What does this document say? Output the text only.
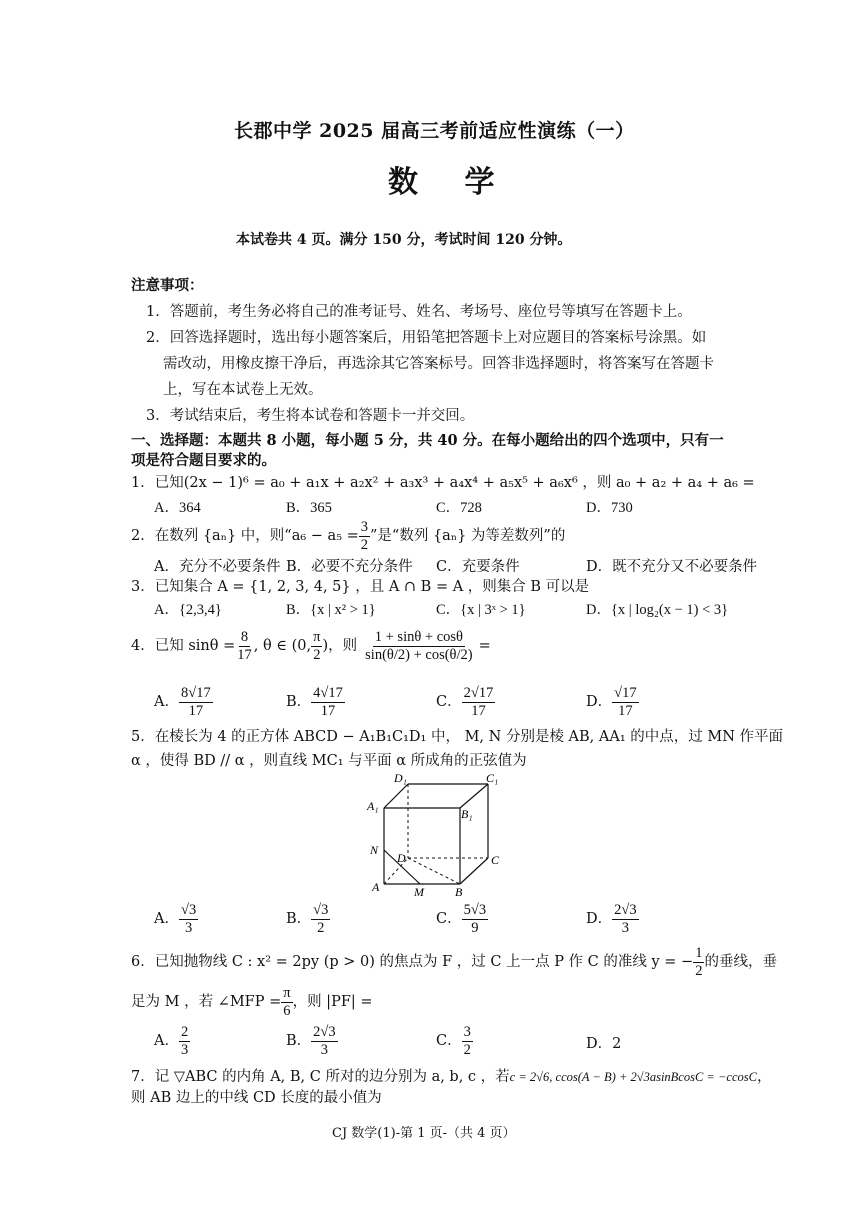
长郡中学 2025 届高三考前适应性演练（一）
数 学
本试卷共 4 页。满分 150 分，考试时间 120 分钟。
注意事项：
1．答题前，考生务必将自己的准考证号、姓名、考场号、座位号等填写在答题卡上。
2．回答选择题时，选出每小题答案后，用铅笔把答题卡上对应题目的答案标号涂黑。如
需改动，用橡皮擦干净后，再选涂其它答案标号。回答非选择题时，将答案写在答题卡
上，写在本试卷上无效。
3．考试结束后，考生将本试卷和答题卡一并交回。
一、选择题：本题共 8 小题，每小题 5 分，共 40 分。在每小题给出的四个选项中，只有一
项是符合题目要求的。
1．已知(2x − 1)⁶ = a₀ + a₁x + a₂x² + a₃x³ + a₄x⁴ + a₅x⁵ + a₆x⁶ ，则 a₀ + a₂ + a₄ + a₆ =
A．364	B．365	C．728	D．730
2．在数列 {aₙ} 中，则“$a_6 - a_5 = \frac{3}{2}$ ”是“数列 {aₙ} 为等差数列”的
A．充分不必要条件 B．必要不充分条件 C．充要条件	D．既不充分又不必要条件
3．已知集合 A = {1, 2, 3, 4, 5} ，且 A ∩ B = A ，则集合 B 可以是
A．{2,3,4}	B．{x | x² > 1}	C．{x | 3ˣ > 1}	D．{x | log₂(x − 1) < 3}
4．已知 $\sin\theta = \frac{8}{17}$ , θ ∈ (0, $\frac{\pi}{2}$ )，则 $\frac{1 + \sin\theta + \cos\theta}{\sin(\theta/2) + \cos(\theta/2)}$ =
A． $\frac{8√17}{17}$	B． $\frac{4√17}{17}$	C． $\frac{2√17}{17}$	D． $\frac{√17}{17}$
5．在棱长为 4 的正方体 ABCD − A₁B₁C₁D₁ 中， M, N 分别是棱 AB, AA₁ 的中点，过 MN 作平面
α ，使得 BD // α ，则直线 MC₁ 与平面 α 所成角的正弦值为
D₁	C₁
A₁
B₁
N
D	C
A	M	B
A． $\frac{√3}{3}$	B． $\frac{√3}{2}$	C． $\frac{5√3}{9}$	D． $\frac{2√3}{3}$
6．已知抛物线 C : x² = 2py (p > 0) 的焦点为 F ，过 C 上一点 P 作 C 的准线 y = − $\frac{1}{2}$ 的垂线，垂
足为 M ，若 ∠MFP = $\frac{\pi}{6}$ ，则 |PF| =
A． $\frac{2}{3}$	B． $\frac{2√3}{3}$	C． $\frac{3}{2}$	D．2
7．记 ▽ABC 的内角 A, B, C 所对的边分别为 a, b, c ，若 c = 2√6, ccos(A − B) + 2√3asinBcosC = −ccosC ，
则 AB 边上的中线 CD 长度的最小值为
CJ 数学(1)-第 1 页-（共 4 页）
